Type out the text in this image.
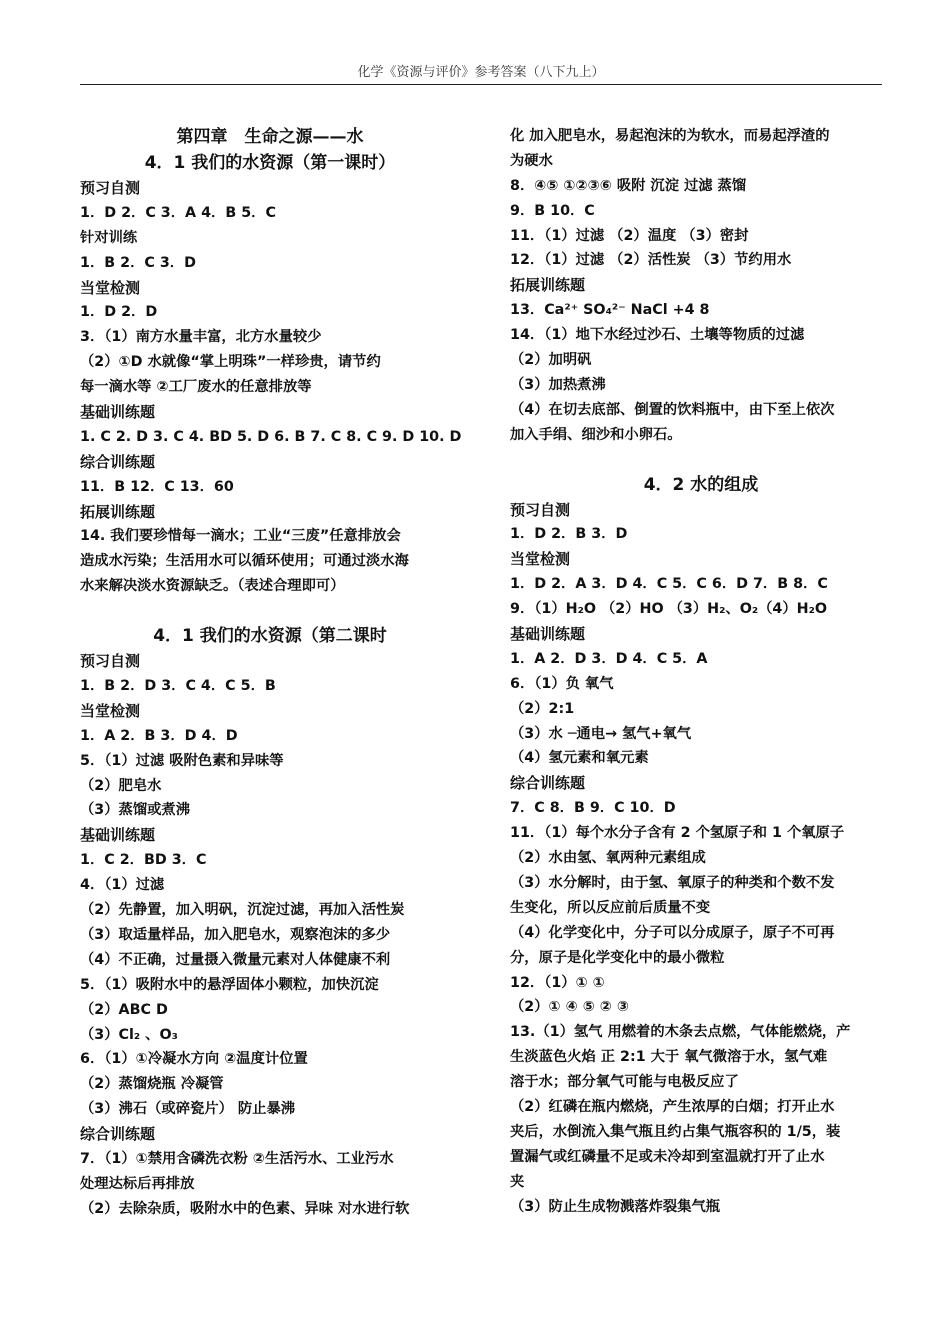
化学《资源与评价》参考答案（八下九上）
第四章　生命之源——水
4．1 我们的水资源（第一课时）
预习自测
1．D 2．C 3．A 4．B 5．C
针对训练
1．B 2．C 3．D
当堂检测
1．D 2．D
3．（1）南方水量丰富，北方水量较少
（2）①D 水就像“掌上明珠”一样珍贵，请节约
每一滴水等 ②工厂废水的任意排放等
基础训练题
1. C 2. D 3. C 4. BD 5. D 6. B 7. C 8. C 9. D 10. D
综合训练题
11．B 12．C 13．60
拓展训练题
14. 我们要珍惜每一滴水；工业“三废”任意排放会
造成水污染；生活用水可以循环使用；可通过淡水海
水来解决淡水资源缺乏。（表述合理即可）
4．1 我们的水资源（第二课时
预习自测
1．B 2．D 3．C 4．C 5．B
当堂检测
1．A 2．B 3．D 4．D
5．（1）过滤 吸附色素和异味等
（2）肥皂水
（3）蒸馏或煮沸
基础训练题
1．C 2．BD 3．C
4．（1）过滤
（2）先静置，加入明矾，沉淀过滤，再加入活性炭
（3）取适量样品，加入肥皂水，观察泡沫的多少
（4）不正确，过量摄入微量元素对人体健康不利
5．（1）吸附水中的悬浮固体小颗粒，加快沉淀
（2）ABC D
（3）Cl₂ 、O₃
6．（1）①冷凝水方向 ②温度计位置
（2）蒸馏烧瓶 冷凝管
（3）沸石（或碎瓷片） 防止暴沸
综合训练题
7．（1）①禁用含磷洗衣粉 ②生活污水、工业污水
处理达标后再排放
（2）去除杂质，吸附水中的色素、异味 对水进行软
化 加入肥皂水，易起泡沫的为软水，而易起浮渣的
为硬水
8．④⑤ ①②③⑥ 吸附 沉淀 过滤 蒸馏
9．B 10．C
11．（1）过滤 （2）温度 （3）密封
12．（1）过滤 （2）活性炭 （3）节约用水
拓展训练题
13．Ca²⁺ SO₄²⁻ NaCl +4 8
14．（1）地下水经过沙石、土壤等物质的过滤
（2）加明矾
（3）加热煮沸
（4）在切去底部、倒置的饮料瓶中，由下至上依次
加入手绢、细沙和小卵石。
4．2 水的组成
预习自测
1．D 2．B 3．D
当堂检测
1．D 2．A 3．D 4．C 5．C 6．D 7．B 8．C
9．（1）H₂O （2）HO （3）H₂、O₂（4）H₂O
基础训练题
1．A 2．D 3．D 4．C 5．A
6．（1）负 氧气
（2）2:1
（3）水 ─通电→ 氢气+氧气
（4）氢元素和氧元素
综合训练题
7．C 8．B 9．C 10．D
11．（1）每个水分子含有 2 个氢原子和 1 个氧原子
（2）水由氢、氧两种元素组成
（3）水分解时，由于氢、氧原子的种类和个数不发
生变化，所以反应前后质量不变
（4）化学变化中，分子可以分成原子，原子不可再
分，原子是化学变化中的最小微粒
12．（1）① ①
（2）① ④ ⑤ ② ③
13.（1）氢气 用燃着的木条去点燃，气体能燃烧，产
生淡蓝色火焰 正 2:1 大于 氧气微溶于水，氢气难
溶于水；部分氧气可能与电极反应了
（2）红磷在瓶内燃烧，产生浓厚的白烟；打开止水
夹后，水倒流入集气瓶且约占集气瓶容积的 1/5，装
置漏气或红磷量不足或未冷却到室温就打开了止水
夹
（3）防止生成物溅落炸裂集气瓶
